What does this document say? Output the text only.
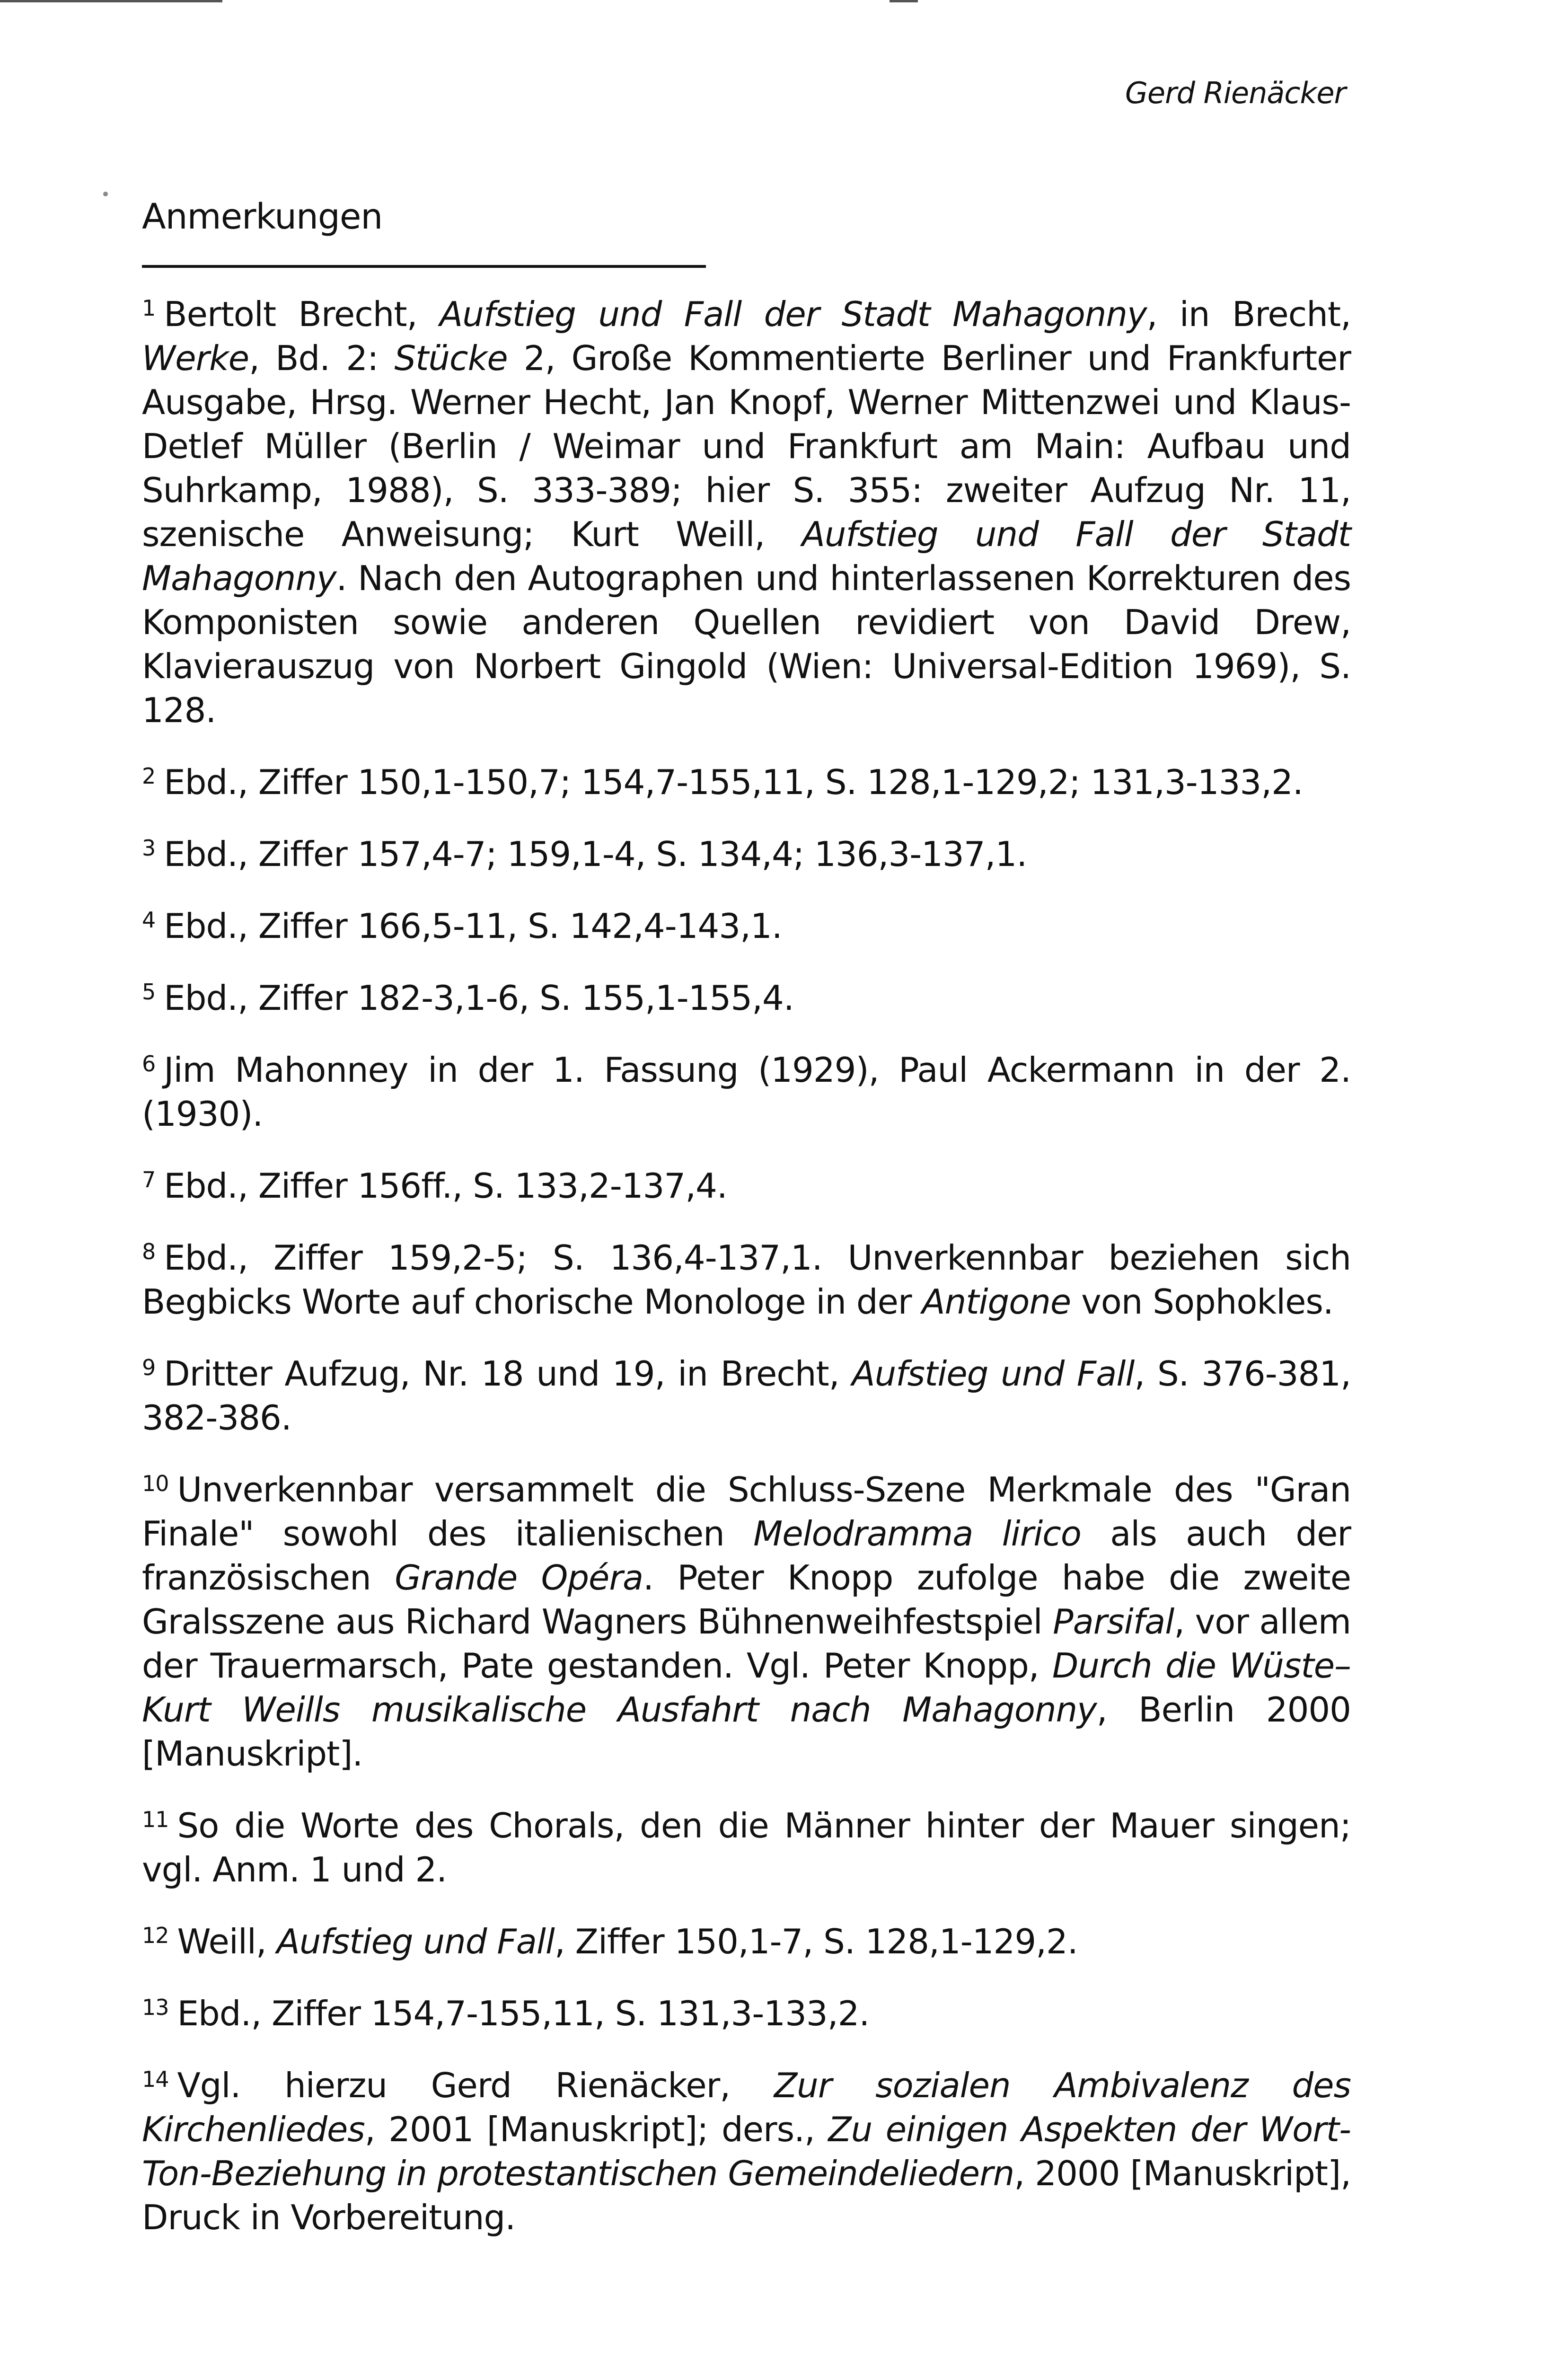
Gerd Rienäcker
Anmerkungen

$^1$ Bertolt Brecht, Aufstieg und Fall der Stadt Mahagonny, in Brecht, Werke, Bd. 2: Stücke 2, Große Kommentierte Berliner und Frankfurter Ausgabe, Hrsg. Werner Hecht, Jan Knopf, Werner Mittenzwei und Klaus-Detlef Müller (Berlin / Weimar und Frankfurt am Main: Aufbau und Suhrkamp, 1988), S. 333-389; hier S. 355: zweiter Aufzug Nr. 11, szenische Anweisung; Kurt Weill, Aufstieg und Fall der Stadt Mahagonny. Nach den Autographen und hinterlassenen Korrekturen des Komponisten sowie anderen Quellen revidiert von David Drew, Klavierauszug von Norbert Gingold (Wien: Universal-Edition 1969), S. 128.

$^2$ Ebd., Ziffer 150,1-150,7; 154,7-155,11, S. 128,1-129,2; 131,3-133,2.

$^3$ Ebd., Ziffer 157,4-7; 159,1-4, S. 134,4; 136,3-137,1.

$^4$ Ebd., Ziffer 166,5-11, S. 142,4-143,1.

$^5$ Ebd., Ziffer 182-3,1-6, S. 155,1-155,4.

$^6$ Jim Mahonney in der 1. Fassung (1929), Paul Ackermann in der 2. (1930).

$^7$ Ebd., Ziffer 156ff., S. 133,2-137,4.

$^8$ Ebd., Ziffer 159,2-5; S. 136,4-137,1. Unverkennbar beziehen sich Begbicks Worte auf chorische Monologe in der Antigone von Sophokles.

$^9$ Dritter Aufzug, Nr. 18 und 19, in Brecht, Aufstieg und Fall, S. 376-381, 382-386.

$^{10}$ Unverkennbar versammelt die Schluss-Szene Merkmale des "Gran Finale" sowohl des italienischen Melodramma lirico als auch der französischen Grande Opéra. Peter Knopp zufolge habe die zweite Gralsszene aus Richard Wagners Bühnenweihfestspiel Parsifal, vor allem der Trauermarsch, Pate gestanden. Vgl. Peter Knopp, Durch die Wüste–Kurt Weills musikalische Ausfahrt nach Mahagonny, Berlin 2000 [Manuskript].

$^{11}$ So die Worte des Chorals, den die Männer hinter der Mauer singen; vgl. Anm. 1 und 2.

$^{12}$ Weill, Aufstieg und Fall, Ziffer 150,1-7, S. 128,1-129,2.

$^{13}$ Ebd., Ziffer 154,7-155,11, S. 131,3-133,2.

$^{14}$ Vgl. hierzu Gerd Rienäcker, Zur sozialen Ambivalenz des Kirchenliedes, 2001 [Manuskript]; ders., Zu einigen Aspekten der Wort-Ton-Beziehung in protestantischen Gemeindeliedern, 2000 [Manuskript], Druck in Vorbereitung.
